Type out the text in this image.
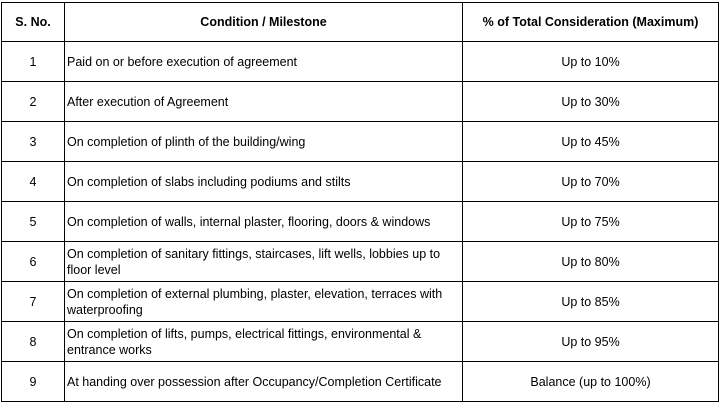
S. No.	Condition / Milestone	% of Total Consideration (Maximum)
1	Paid on or before execution of agreement	Up to 10%
2	After execution of Agreement	Up to 30%
3	On completion of plinth of the building/wing	Up to 45%
4	On completion of slabs including podiums and stilts	Up to 70%
5	On completion of walls, internal plaster, flooring, doors & windows	Up to 75%
6	On completion of sanitary fittings, staircases, lift wells, lobbies up to floor level	Up to 80%
7	On completion of external plumbing, plaster, elevation, terraces with waterproofing	Up to 85%
8	On completion of lifts, pumps, electrical fittings, environmental & entrance works	Up to 95%
9	At handing over possession after Occupancy/Completion Certificate	Balance (up to 100%)
